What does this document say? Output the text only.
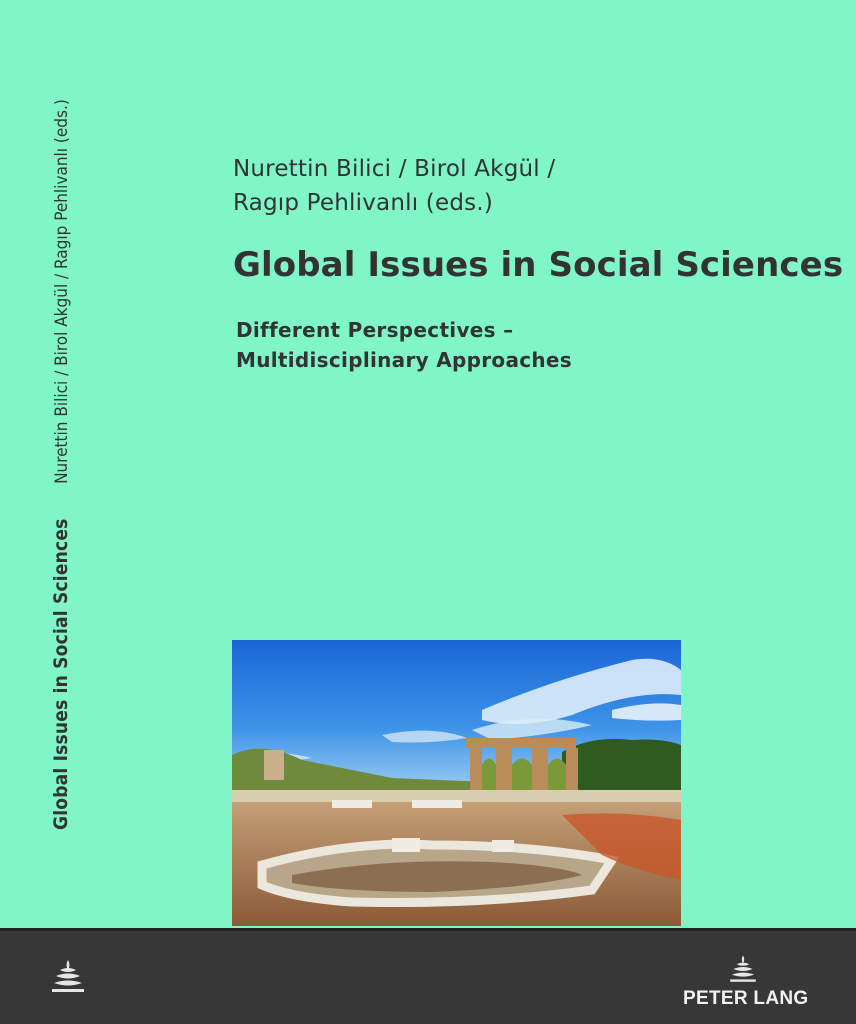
Global Issues in Social Sciences Nurettin Bilici / Birol Akgül / Ragıp Pehlivanlı (eds.)	Nurettin Bilici / Birol Akgül /
Ragıp Pehlivanlı (eds.)
Global Issues in Social Sciences
Different Perspectives –
Multidisciplinary Approaches
PETER LANG
